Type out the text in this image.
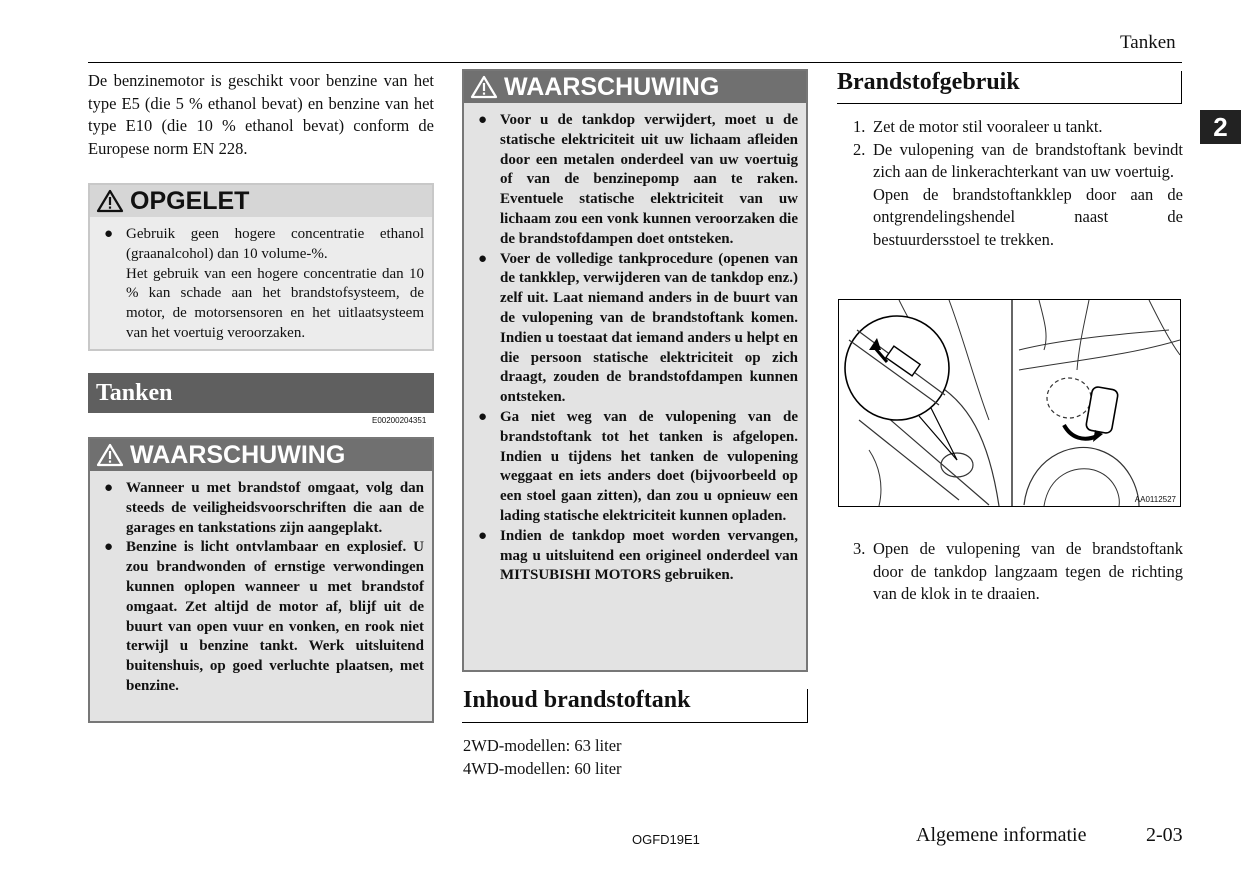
Tanken
2
De benzinemotor is geschikt voor benzine van het type E5 (die 5 % ethanol bevat) en benzine van het type E10 (die 10 % ethanol bevat) conform de Europese norm EN 228.
OPGELET
● Gebruik geen hogere concentratie ethanol (graanalcohol) dan 10 volume-%.
Het gebruik van een hogere concentratie dan 10 % kan schade aan het brandstofsysteem, de motor, de motorsensoren en het uitlaatsysteem van het voertuig veroorzaken.
Tanken
E00200204351
WAARSCHUWING
● Wanneer u met brandstof omgaat, volg dan steeds de veiligheidsvoorschriften die aan de garages en tankstations zijn aangeplakt.
● Benzine is licht ontvlambaar en explosief. U zou brandwonden of ernstige verwondingen kunnen oplopen wanneer u met brandstof omgaat. Zet altijd de motor af, blijf uit de buurt van open vuur en vonken, en rook niet terwijl u benzine tankt. Werk uitsluitend buitenshuis, op goed verluchte plaatsen, met benzine.
WAARSCHUWING
● Voor u de tankdop verwijdert, moet u de statische elektriciteit uit uw lichaam afleiden door een metalen onderdeel van uw voertuig of van de benzinepomp aan te raken. Eventuele statische elektriciteit van uw lichaam zou een vonk kunnen veroorzaken die de brandstofdampen doet ontsteken.
● Voer de volledige tankprocedure (openen van de tankklep, verwijderen van de tankdop enz.) zelf uit. Laat niemand anders in de buurt van de vulopening van de brandstoftank komen. Indien u toestaat dat iemand anders u helpt en die persoon statische elektriciteit op zich draagt, zouden de brandstofdampen kunnen ontsteken.
● Ga niet weg van de vulopening van de brandstoftank tot het tanken is afgelopen. Indien u tijdens het tanken de vulopening weggaat en iets anders doet (bijvoorbeeld op een stoel gaan zitten), dan zou u opnieuw een lading statische elektriciteit kunnen opladen.
● Indien de tankdop moet worden vervangen, mag u uitsluitend een origineel onderdeel van MITSUBISHI MOTORS gebruiken.
Inhoud brandstoftank
2WD-modellen: 63 liter
4WD-modellen: 60 liter
Brandstofgebruik
1. Zet de motor stil vooraleer u tankt.
2. De vulopening van de brandstoftank bevindt zich aan de linkerachterkant van uw voertuig.
Open de brandstoftankklep door aan de ontgrendelingshendel naast de bestuurdersstoel te trekken.
AA0112527
3. Open de vulopening van de brandstoftank door de tankdop langzaam tegen de richting van de klok in te draaien.
OGFD19E1	Algemene informatie	2-03
